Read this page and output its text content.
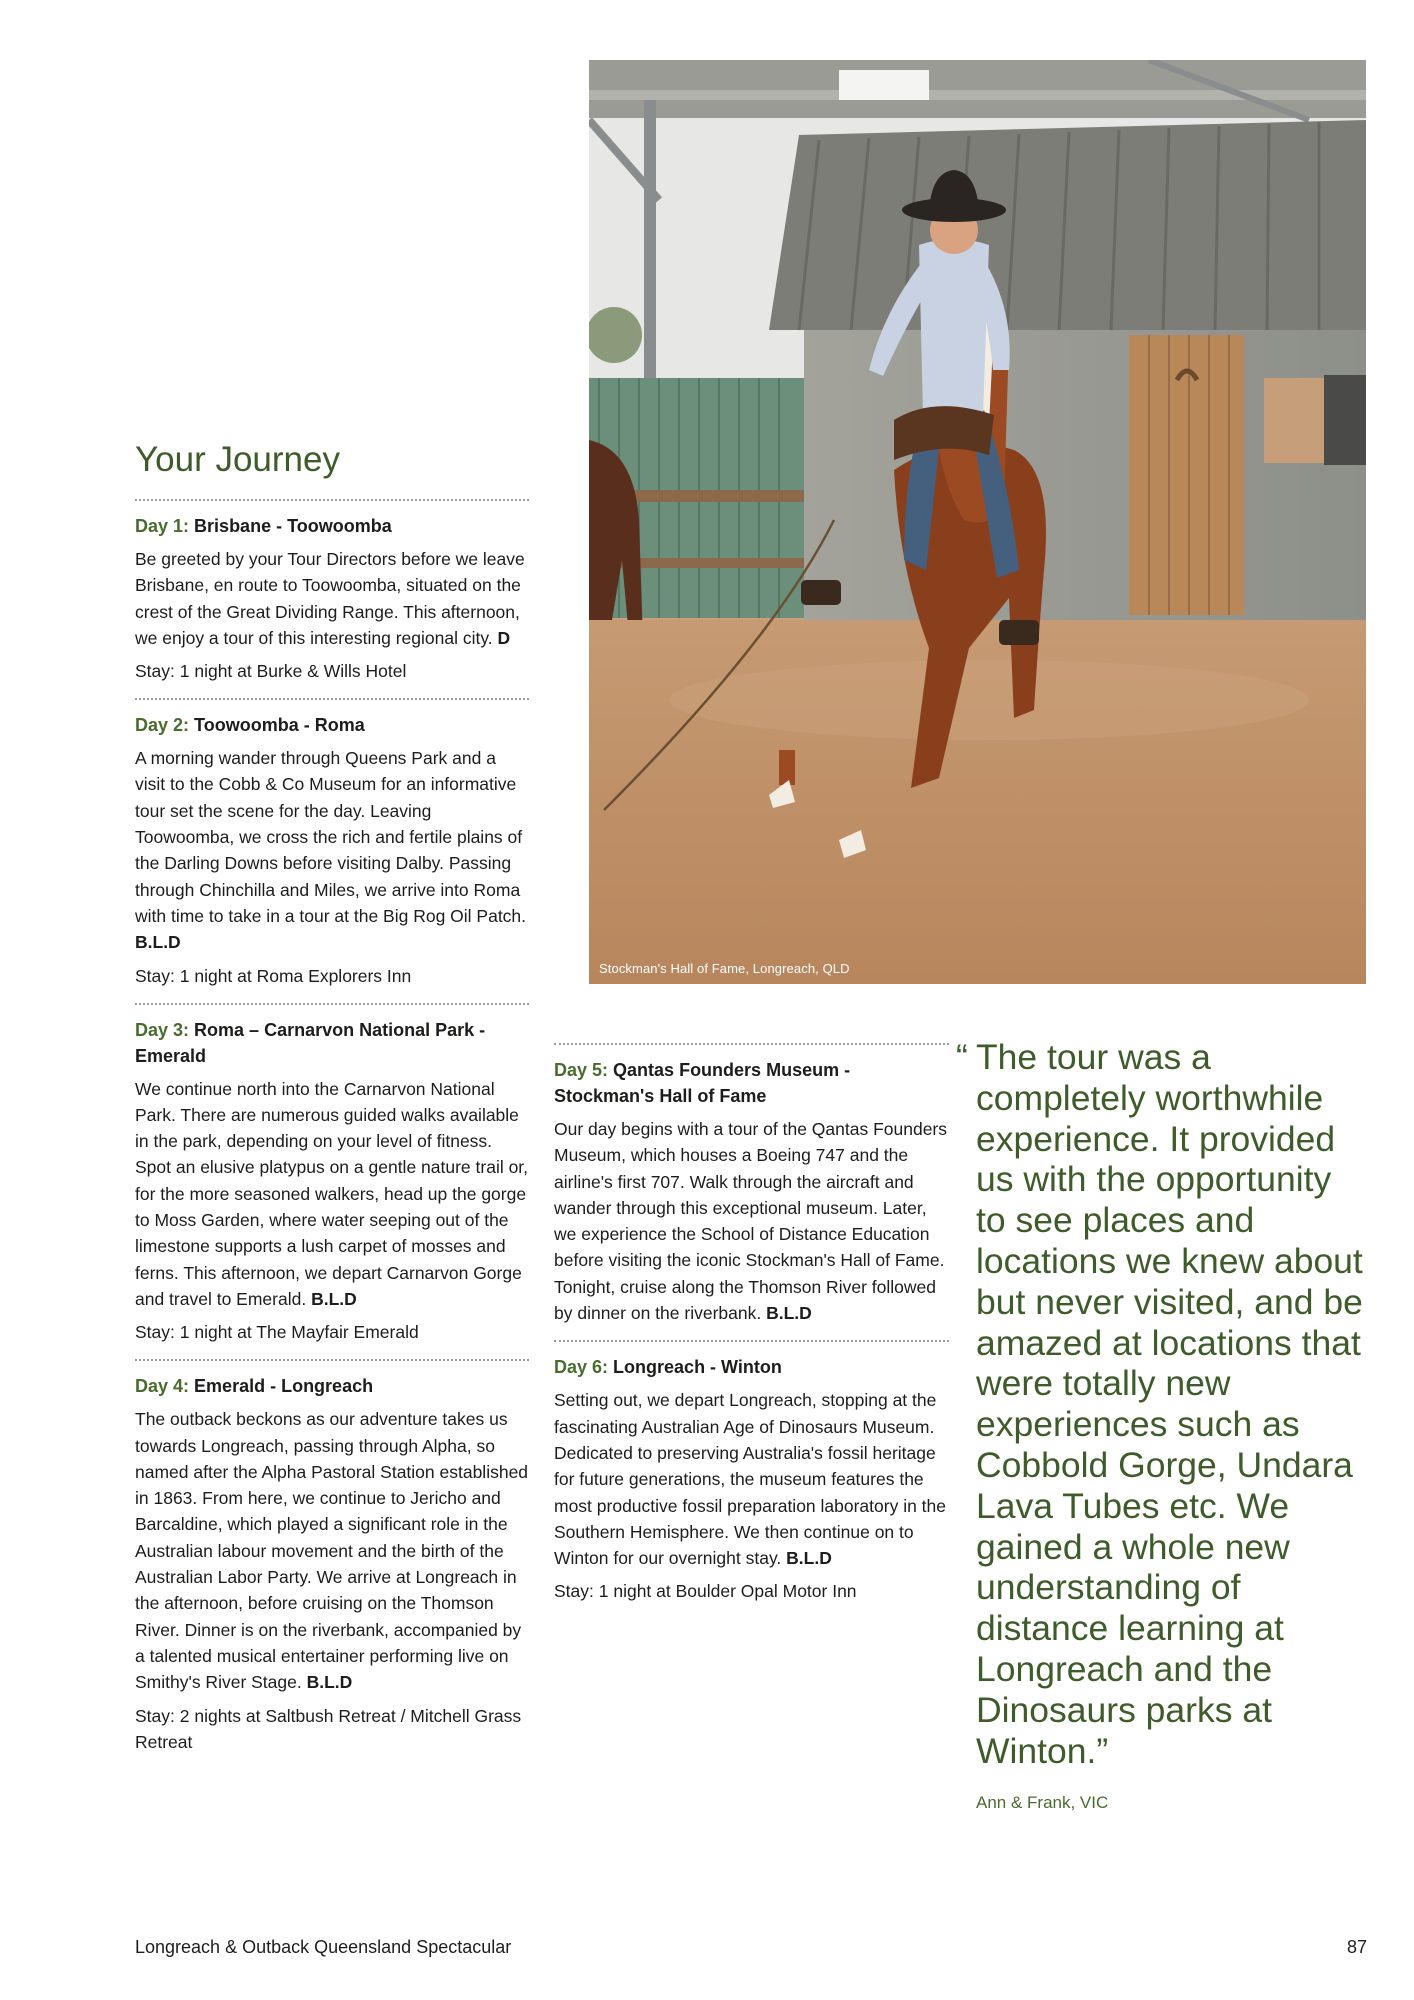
Stockman's Hall of Fame, Longreach, QLD
Your Journey
Day 1: Brisbane - Toowoomba

Be greeted by your Tour Directors before we leave Brisbane, en route to Toowoomba, situated on the crest of the Great Dividing Range. This afternoon, we enjoy a tour of this interesting regional city. D

Stay: 1 night at Burke & Wills Hotel

Day 2: Toowoomba - Roma

A morning wander through Queens Park and a visit to the Cobb & Co Museum for an informative tour set the scene for the day. Leaving Toowoomba, we cross the rich and fertile plains of the Darling Downs before visiting Dalby. Passing through Chinchilla and Miles, we arrive into Roma with time to take in a tour at the Big Rog Oil Patch. B.L.D

Stay: 1 night at Roma Explorers Inn

Day 3: Roma – Carnarvon National Park - Emerald

We continue north into the Carnarvon National Park. There are numerous guided walks available in the park, depending on your level of fitness. Spot an elusive platypus on a gentle nature trail or, for the more seasoned walkers, head up the gorge to Moss Garden, where water seeping out of the limestone supports a lush carpet of mosses and ferns. This afternoon, we depart Carnarvon Gorge and travel to Emerald. B.L.D

Stay: 1 night at The Mayfair Emerald

Day 4: Emerald - Longreach

The outback beckons as our adventure takes us towards Longreach, passing through Alpha, so named after the Alpha Pastoral Station established in 1863. From here, we continue to Jericho and Barcaldine, which played a significant role in the Australian labour movement and the birth of the Australian Labor Party. We arrive at Longreach in the afternoon, before cruising on the Thomson River. Dinner is on the riverbank, accompanied by a talented musical entertainer performing live on Smithy's River Stage. B.L.D

Stay: 2 nights at Saltbush Retreat / Mitchell Grass Retreat

Day 5: Qantas Founders Museum - Stockman's Hall of Fame

Our day begins with a tour of the Qantas Founders Museum, which houses a Boeing 747 and the airline's first 707. Walk through the aircraft and wander through this exceptional museum. Later, we experience the School of Distance Education before visiting the iconic Stockman's Hall of Fame. Tonight, cruise along the Thomson River followed by dinner on the riverbank. B.L.D

Day 6: Longreach - Winton

Setting out, we depart Longreach, stopping at the fascinating Australian Age of Dinosaurs Museum. Dedicated to preserving Australia's fossil heritage for future generations, the museum features the most productive fossil preparation laboratory in the Southern Hemisphere. We then continue on to Winton for our overnight stay. B.L.D

Stay: 1 night at Boulder Opal Motor Inn

“ The tour was a completely worthwhile experience. It provided us with the opportunity to see places and locations we knew about but never visited, and be amazed at locations that were totally new experiences such as Cobbold Gorge, Undara Lava Tubes etc. We gained a whole new understanding of distance learning at Longreach and the Dinosaurs parks at Winton.”
Ann & Frank, VIC
Longreach & Outback Queensland Spectacular	87
